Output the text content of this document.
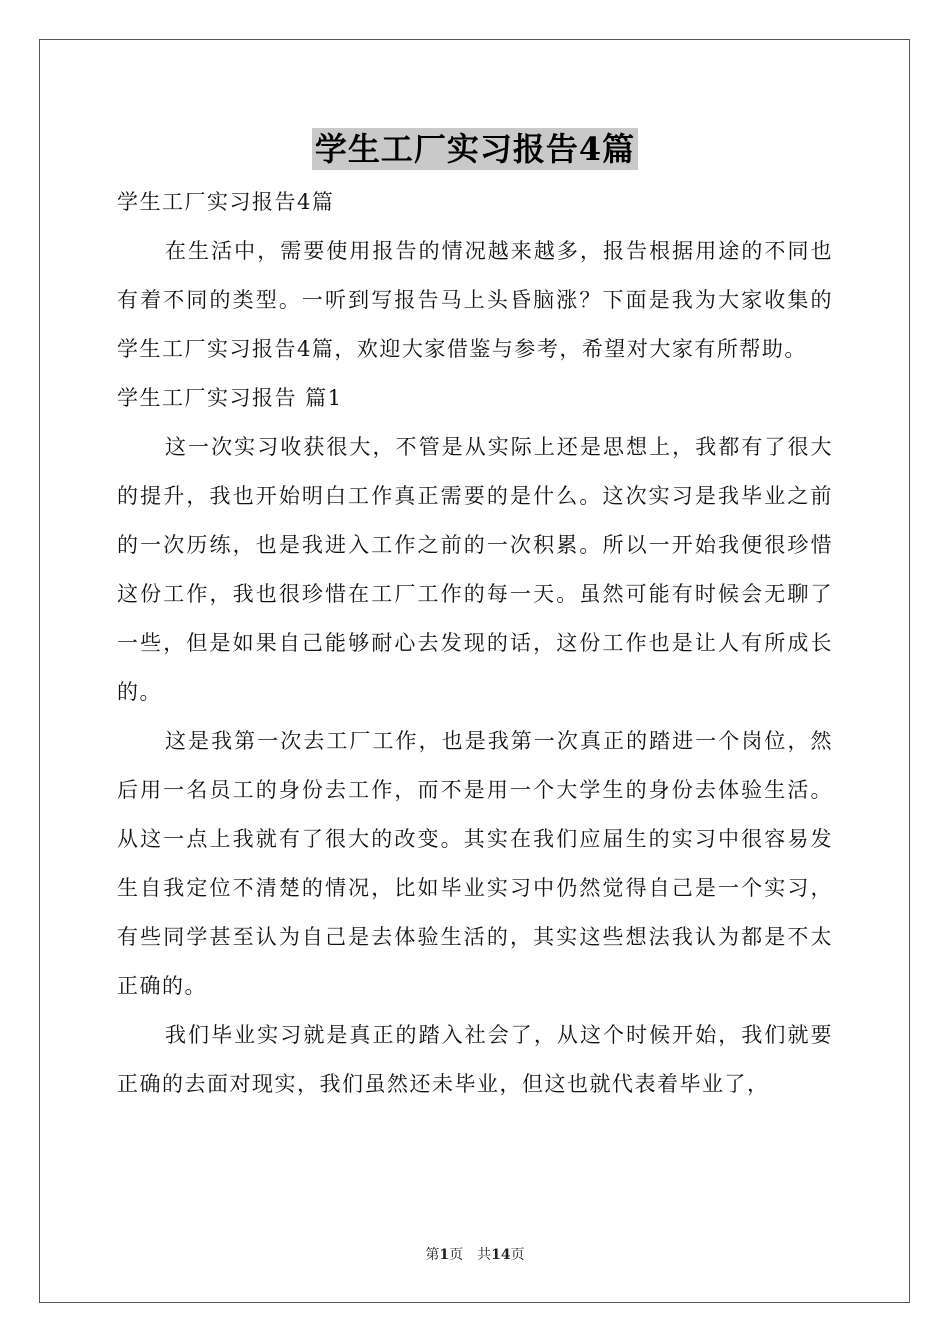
学生工厂实习报告4篇

学生工厂实习报告4篇

在生活中，需要使用报告的情况越来越多，报告根据用途的不同也有着不同的类型。一听到写报告马上头昏脑涨？下面是我为大家收集的学生工厂实习报告4篇，欢迎大家借鉴与参考，希望对大家有所帮助。

学生工厂实习报告 篇1

这一次实习收获很大，不管是从实际上还是思想上，我都有了很大的提升，我也开始明白工作真正需要的是什么。这次实习是我毕业之前的一次历练，也是我进入工作之前的一次积累。所以一开始我便很珍惜这份工作，我也很珍惜在工厂工作的每一天。虽然可能有时候会无聊了一些，但是如果自己能够耐心去发现的话，这份工作也是让人有所成长的。

这是我第一次去工厂工作，也是我第一次真正的踏进一个岗位，然后用一名员工的身份去工作，而不是用一个大学生的身份去体验生活。从这一点上我就有了很大的改变。其实在我们应届生的实习中很容易发生自我定位不清楚的情况，比如毕业实习中仍然觉得自己是一个实习，有些同学甚至认为自己是去体验生活的，其实这些想法我认为都是不太正确的。

我们毕业实习就是真正的踏入社会了，从这个时候开始，我们就要正确的去面对现实，我们虽然还未毕业，但这也就代表着毕业了，

第1页　共14页
